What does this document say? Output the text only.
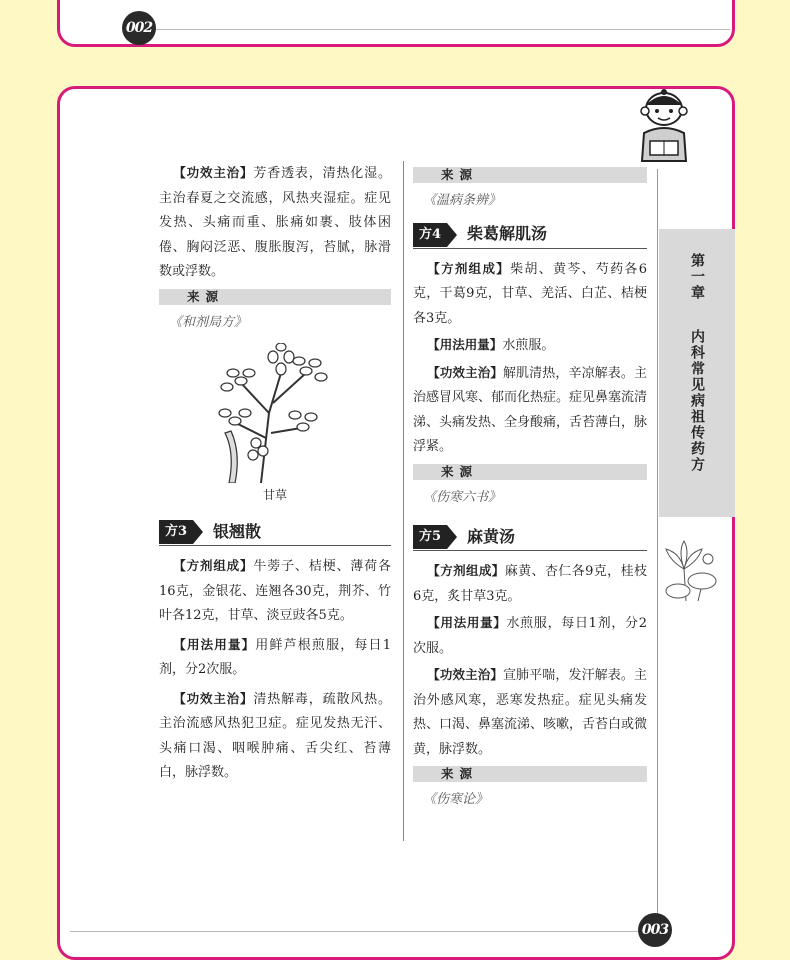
002

【功效主治】芳香透表，清热化湿。主治春夏之交流感，风热夹湿症。症见发热、头痛而重、胀痛如裹、肢体困倦、胸闷泛恶、腹胀腹泻，苔腻，脉滑数或浮数。

来源
《和剂局方》
甘草
方3	银翘散

【方剂组成】牛蒡子、桔梗、薄荷各16克，金银花、连翘各30克，荆芥、竹叶各12克，甘草、淡豆豉各5克。

【用法用量】用鲜芦根煎服，每日1剂，分2次服。

【功效主治】清热解毒，疏散风热。主治流感风热犯卫症。症见发热无汗、头痛口渴、咽喉肿痛、舌尖红、苔薄白，脉浮数。

来源
《温病条辨》
方4	柴葛解肌汤

【方剂组成】柴胡、黄芩、芍药各6克，干葛9克，甘草、羌活、白芷、桔梗各3克。

【用法用量】水煎服。

【功效主治】解肌清热，辛凉解表。主治感冒风寒、郁而化热症。症见鼻塞流清涕、头痛发热、全身酸痛，舌苔薄白，脉浮紧。

来源
《伤寒六书》
方5	麻黄汤

【方剂组成】麻黄、杏仁各9克，桂枝6克，炙甘草3克。

【用法用量】水煎服，每日1剂，分2次服。

【功效主治】宣肺平喘，发汗解表。主治外感风寒，恶寒发热症。症见头痛发热、口渴、鼻塞流涕、咳嗽，舌苔白或微黄，脉浮数。

来源
《伤寒论》
第一章
内科常见病祖传药方
003
